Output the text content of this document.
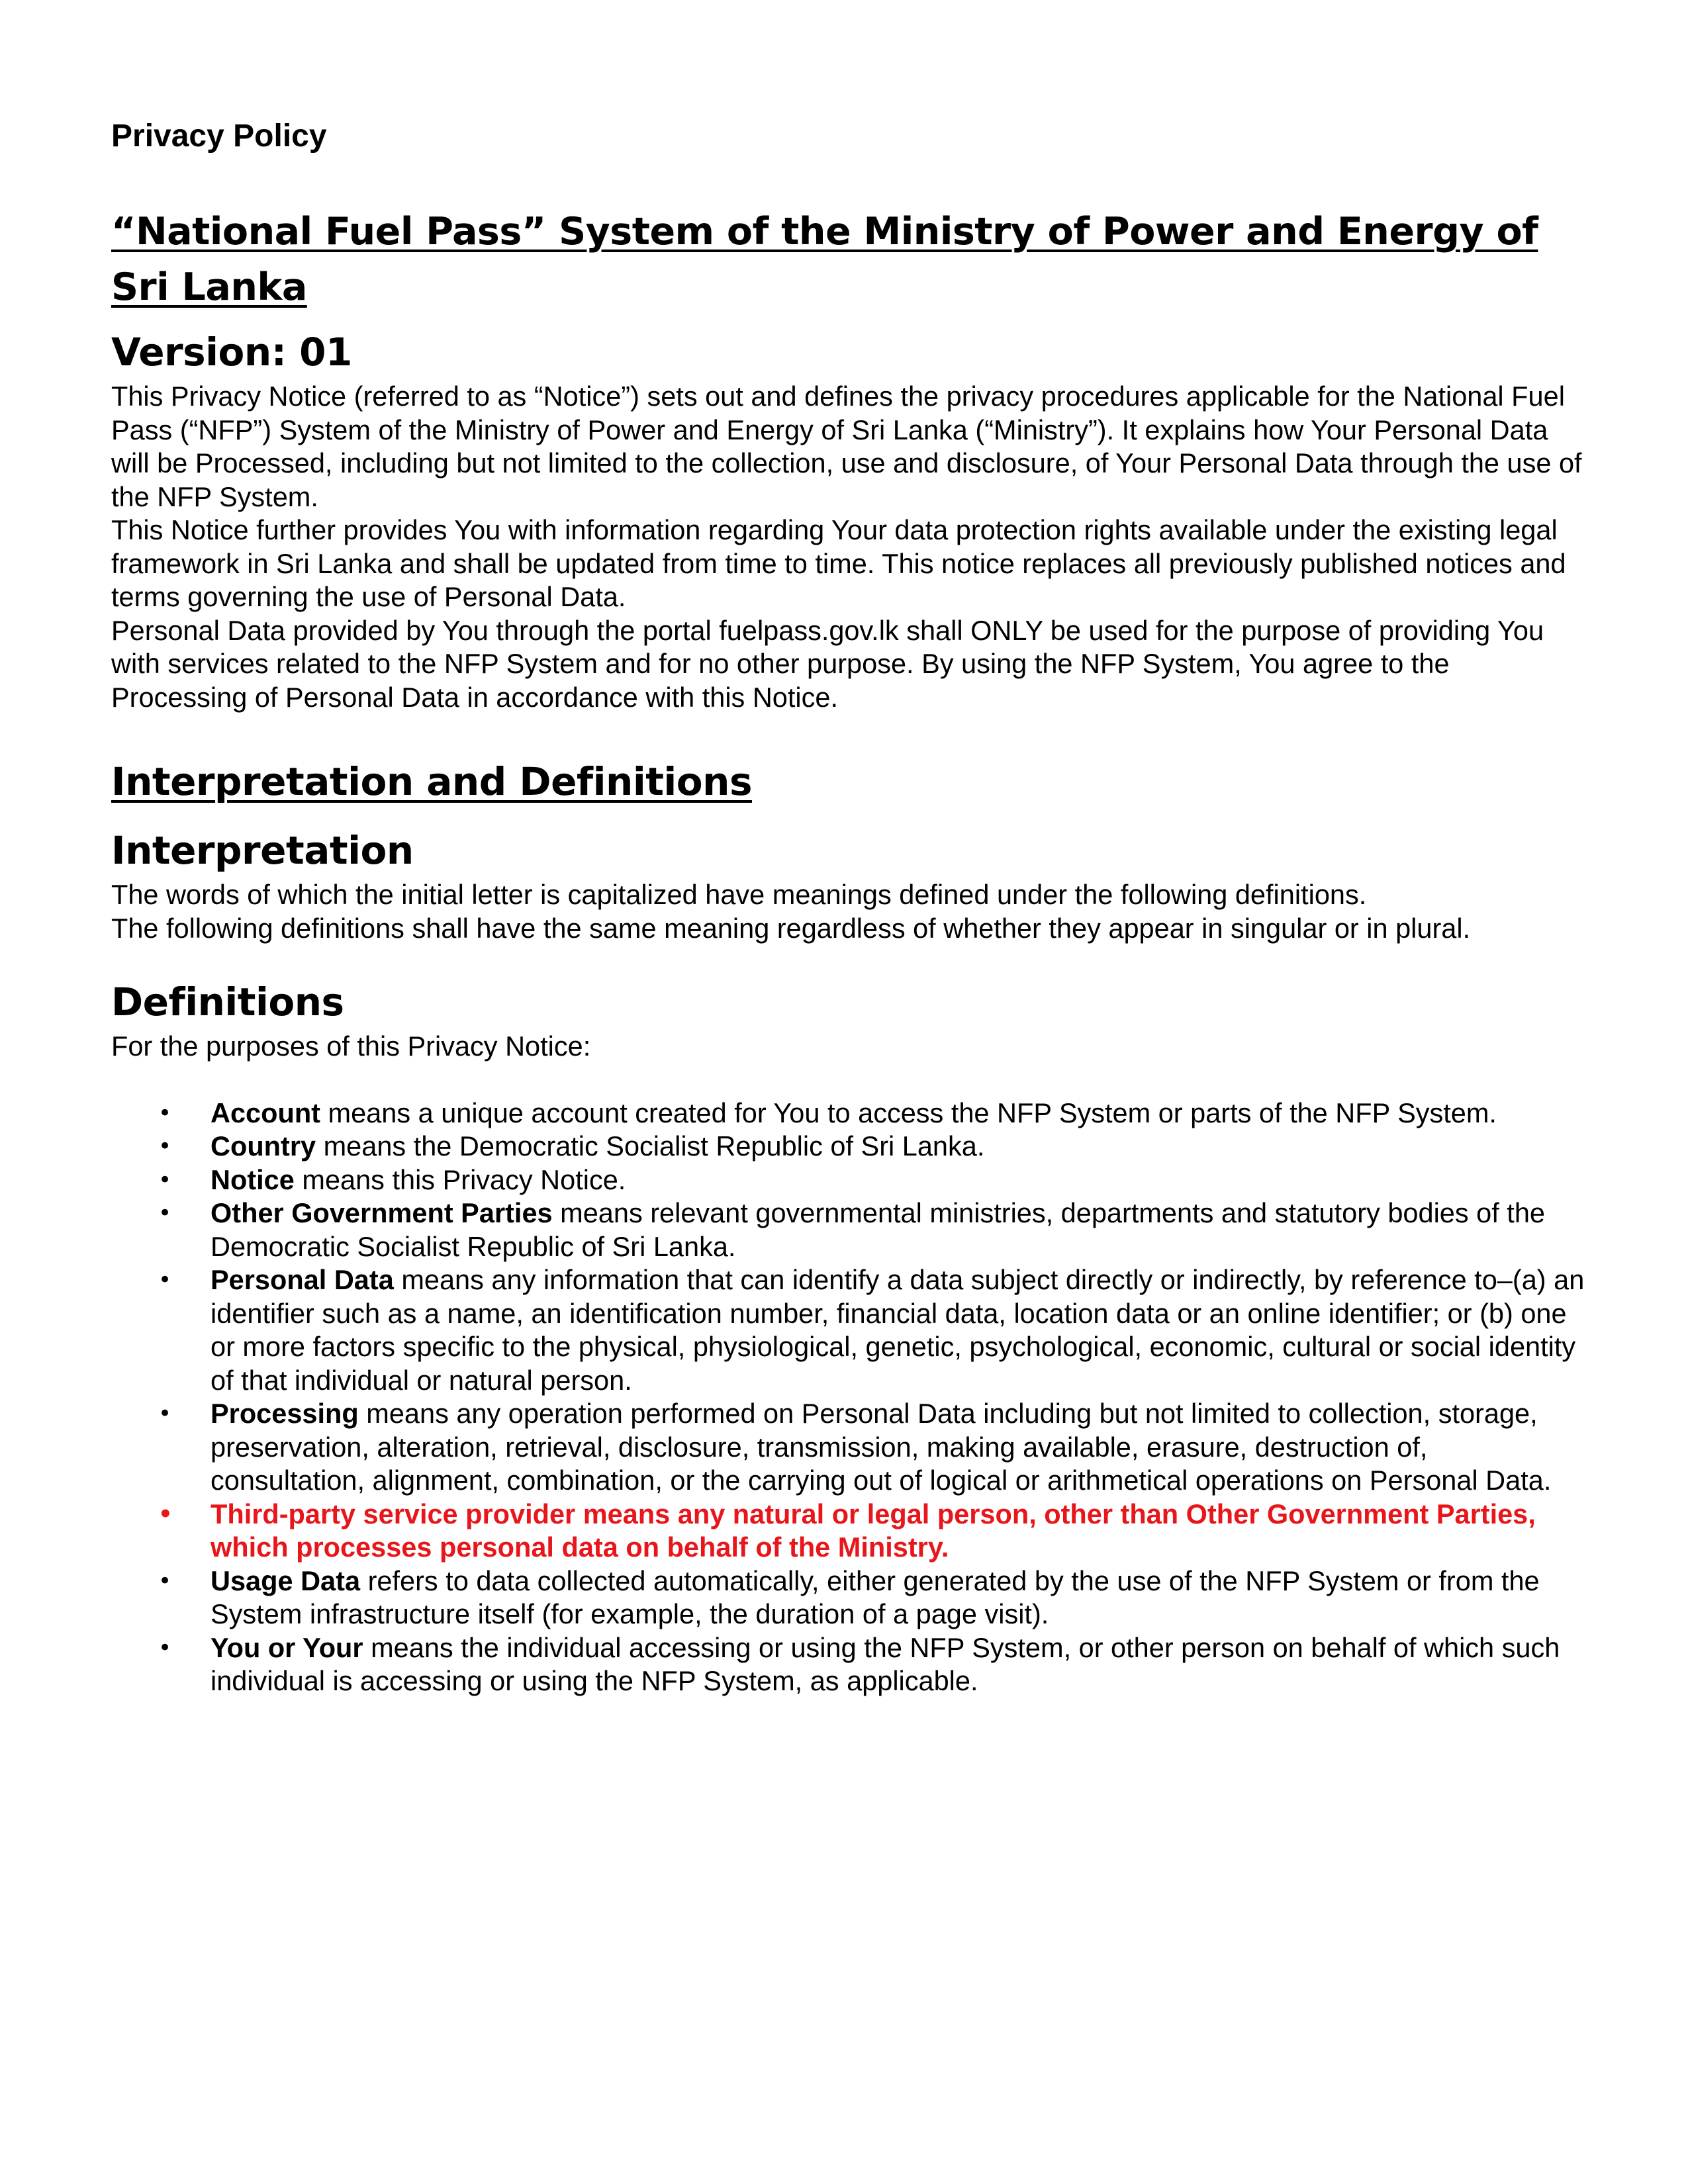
Privacy Policy
“National Fuel Pass” System of the Ministry of Power and Energy of Sri Lanka
Version: 01

This Privacy Notice (referred to as “Notice”) sets out and defines the privacy procedures applicable for the National Fuel Pass (“NFP”) System of the Ministry of Power and Energy of Sri Lanka (“Ministry”). It explains how Your Personal Data will be Processed, including but not limited to the collection, use and disclosure, of Your Personal Data through the use of the NFP System.

This Notice further provides You with information regarding Your data protection rights available under the existing legal framework in Sri Lanka and shall be updated from time to time. This notice replaces all previously published notices and terms governing the use of Personal Data.

Personal Data provided by You through the portal fuelpass.gov.lk shall ONLY be used for the purpose of providing You with services related to the NFP System and for no other purpose. By using the NFP System, You agree to the Processing of Personal Data in accordance with this Notice.

Interpretation and Definitions
Interpretation

The words of which the initial letter is capitalized have meanings defined under the following definitions.

The following definitions shall have the same meaning regardless of whether they appear in singular or in plural.

Definitions

For the purposes of this Privacy Notice:

• Account means a unique account created for You to access the NFP System or parts of the NFP System.
• Country means the Democratic Socialist Republic of Sri Lanka.
• Notice means this Privacy Notice.
• Other Government Parties means relevant governmental ministries, departments and statutory bodies of the Democratic Socialist Republic of Sri Lanka.
• Personal Data means any information that can identify a data subject directly or indirectly, by reference to–(a) an identifier such as a name, an identification number, financial data, location data or an online identifier; or (b) one or more factors specific to the physical, physiological, genetic, psychological, economic, cultural or social identity of that individual or natural person.
• Processing means any operation performed on Personal Data including but not limited to collection, storage, preservation, alteration, retrieval, disclosure, transmission, making available, erasure, destruction of, consultation, alignment, combination, or the carrying out of logical or arithmetical operations on Personal Data.
• Third-party service provider means any natural or legal person, other than Other Government Parties, which processes personal data on behalf of the Ministry.
• Usage Data refers to data collected automatically, either generated by the use of the NFP System or from the System infrastructure itself (for example, the duration of a page visit).
• You or Your means the individual accessing or using the NFP System, or other person on behalf of which such individual is accessing or using the NFP System, as applicable.
